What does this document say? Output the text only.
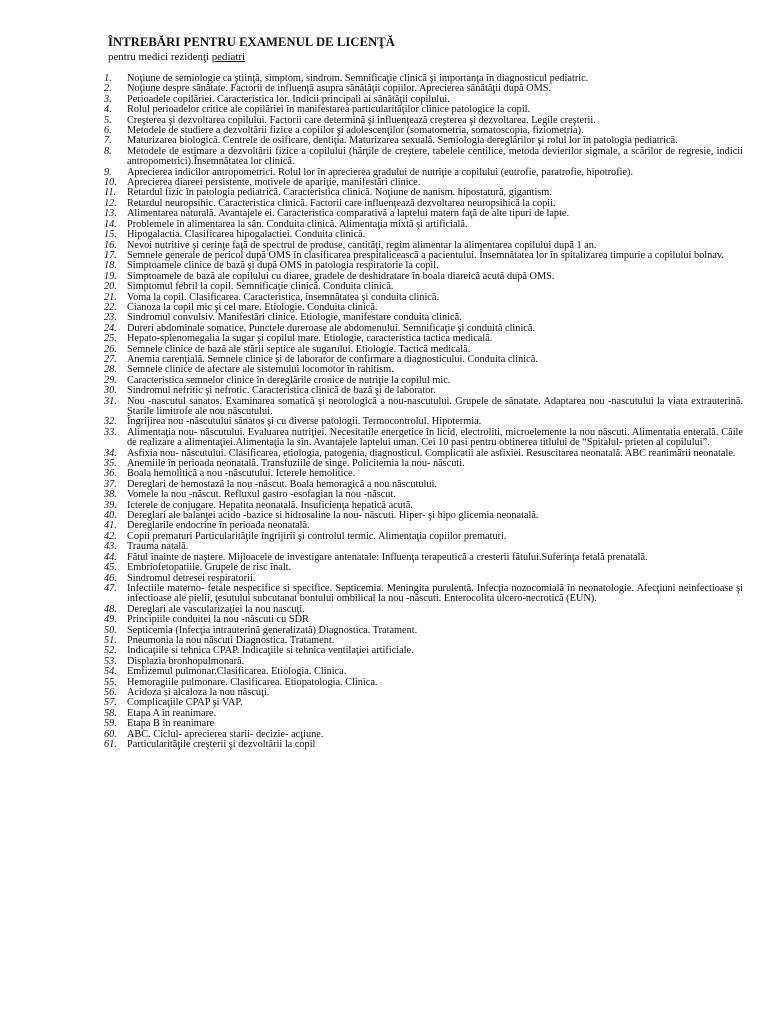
ÎNTREBĂRI PENTRU EXAMENUL DE LICENŢĂ
pentru medici rezidenţi pediatri
1. Noţiune de semiologie ca ştiinţă, simptom, sindrom. Semnificaţie clinică şi importanţa în diagnosticul pediatric.
2. Noţiune despre sănătate. Factorii de influenţă asupra sănătăţii copiilor. Aprecierea sănătăţii după OMS.
3. Perioadele copilăriei. Caracteristica lor. Indicii principali ai sănătăţii copilului.
4. Rolul perioadelor critice ale copilăriei în manifestarea particularităţilor clinice patologice la copil.
5. Creşterea şi dezvoltarea copilului. Factorii care determină şi influenţează creşterea şi dezvoltarea. Legile creşterii.
6. Metodele de studiere a dezvoltării fizice a copiilor şi adolescenţilor (somatometria, somatoscopia, fiziometria).
7. Maturizarea biologică. Centrele de osificare, dentiţia. Maturizarea sexuală. Semiologia dereglărilor şi rolul lor în patologia pediatrică.
8. Metodele de estimare a dezvoltării fizice a copilului (hărţile de creştere, tabelele centilice, metoda devierilor sigmale, a scărilor de regresie, indicii antropometrici).Însemnătatea lor clinică.
9. Aprecierea indicilor antropometrici. Rolul lor în aprecierea gradului de nutriţie a copilului (eutrofie, paratrofie, hipotrofie).
10. Aprecierea diareei persistente, motivele de apariţie, manifestări clinice.
11. Retardul fizic în patologia pediatrică. Caracteristica clinică. Noţiune de nanism. hipostatură, gigantism.
12. Retardul neuropsihic. Caracteristica clinică. Factorii care influenţează dezvoltarea neuropsihică la copii.
13. Alimentarea naturală. Avantajele ei. Caracteristica comparativă a laptelui matern faţă de alte tipuri de lapte.
14. Problemele în alimentarea la sân. Conduita clinică. Alimentaţia mixtă şi artificială.
15. Hipogalactia. Clasificarea hipogalactiei. Conduita clinică.
16. Nevoi nutritive şi cerinţe faţă de spectrul de produse, cantităţi, regim alimentar la alimentarea copilului după 1 an.
17. Semnele generale de pericol după OMS în clasificarea prespitalicească a pacientului. Însemnătatea lor în spitalizarea timpurie a copilului bolnav.
18. Simptoamele clinice de bază şi după OMS în patologia respiratorie la copil.
19. Simptoamele de bază ale copilului cu diaree, gradele de deshidratare în boala diareică acută după OMS.
20. Simptomul febril la copil. Semnificaţie clinică. Conduita clinică.
21. Voma la copil. Clasificarea. Caracteristica, însemnătatea şi conduita clinică.
22. Cianoza la copil mic şi cel mare. Etiologie. Conduita clinică.
23. Sindromul convulsiv. Manifestări clinice. Etiologie, manifestare conduita clinică.
24. Dureri abdominale somatice. Punctele dureroase ale abdomenului. Semnificaţie şi conduită clinică.
25. Hepato-splenomegalia la sugar şi copilul mare. Etiologie, caracteristica tactica medicală.
26. Semnele clinice de bază ale stării septice ale sugarului. Etiologie. Tactică medicală.
27. Anemia carenţială. Semnele clinice şi de laborator de confirmare a diagnosticului. Conduita clinică.
28. Semnele clinice de afectare ale sistemului locomotor în rahitism.
29. Caracteristica semnelor clinice în dereglările cronice de nutriţie la copilul mic.
30. Sindromul nefritic şi nefrotic. Caracteristica clinică de bază şi de laborator.
31. Nou -nascutul sanatos. Examinarea somatică şi neorologică a nou-nascutului. Grupele de sănatate. Adaptarea nou -nascutului la viata extrauterină. Starile limitrofe ale nou născutului.
32. Îngrijirea nou -născutului sănatos şi cu diverse patologii. Termocontrolul. Hipotermia.
33. Alimentaţia nou- născutului. Evaluarea nutriţiei. Necesitatile energetice în licid, electroliti, microelemente la nou născuti. Alimentatia enterală. Căile de realizare a alimentaţiei.Alimentaţia la sîn. Avantajele laptelui uman. Cei 10 pasi pentru obtinerea titlului de “Spitalul- prieten al copilului”.
34. Asfixia nou- născutului. Clasificarea, etiologia, patogenia, diagnosticul. Complicatii ale asfixiei. Resuscitarea neonatală. ABC reanimării neonatale.
35. Anemiile în perioada neonatală. Transfuziile de singe. Policitemia la nou- născuti.
36. Boala hemolitică a nou -născutului. Icterele hemolitice.
37. Dereglari de hemostază la nou -născut. Boala hemoragică a nou născutului.
38. Vomele la nou -născut. Refluxul gastro -esofagian la nou -născut.
39. Icterele de conjugare. Hepatita neonatală. Insuficienţa hepatică acută.
40. Dereglari ale balanţei acido -bazice si hidrosaline la nou- născuti. Hiper- şi hipo glicemia neonatală.
41. Dereglarile endocrine în perioada neonatală.
42. Copii prematuri Particularităţile îngrijirii şi controlul termic. Alimentaţia copiilor prematuri.
43. Trauma natală.
44. Fătul înainte de naştere. Mijloacele de investigare antenatale: Influenţa terapeutică a cresterii fătului.Suferinţa fetală prenatală.
45. Embriofetopatiile. Grupele de risc înalt.
46. Sindromul detresei respiratorii.
47. Infectiile materno- fetale nespecifice si specifice. Septicemia. Meningita purulentă. Infecţia nozocomială în neonatologie. Afecţiuni neinfectioase şi infectioase ale pielii, ţesutului subcutanat bontului ombilical la nou -născuti. Enterocolita ulcero-necrotică (EUN).
48. Dereglari ale vascularizaţiei la nou nascuţi.
49. Principiile conduitei la nou -născuti cu SDR
50. Septicemia (Infecţia intrauterină generalizată) Diagnostica. Tratament.
51. Pneumonia la nou născuti Diagnostica. Tratament.
52. Indicaţiile si tehnica CPAP. Indicaţiile si tehnica ventilaţiei artificiale.
53. Displazia bronhopulmonară.
54. Emfizemul pulmonar.Clasificarea. Etiologia. Clinica.
55. Hemoragiile pulmonare. Clasificarea. Etiopatologia. Clinica.
56. Acidoza și alcaloza la nou născuţi.
57. Complicaţiile CPAP şi VAP.
58. Etapa A în reanimare.
59. Etapa B în reanimare
60. ABC. Ciclul- aprecierea starii- decizie- acţiune.
61. Particularităţile creşterii şi dezvoltării la copil
